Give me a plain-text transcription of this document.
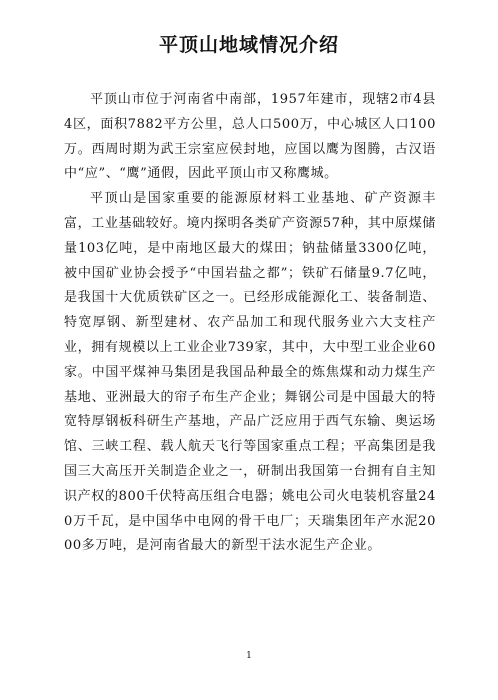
平顶山地域情况介绍

平顶山市位于河南省中南部，1957年建市，现辖2市4县4区，面积7882平方公里，总人口500万，中心城区人口100万。西周时期为武王宗室应侯封地，应国以鹰为图腾，古汉语中“应”、“鹰”通假，因此平顶山市又称鹰城。

平顶山是国家重要的能源原材料工业基地、矿产资源丰富，工业基础较好。境内探明各类矿产资源57种，其中原煤储量103亿吨，是中南地区最大的煤田；钠盐储量3300亿吨，被中国矿业协会授予“中国岩盐之都”；铁矿石储量9.7亿吨，是我国十大优质铁矿区之一。已经形成能源化工、装备制造、特宽厚钢、新型建材、农产品加工和现代服务业六大支柱产业，拥有规模以上工业企业739家，其中，大中型工业企业60家。中国平煤神马集团是我国品种最全的炼焦煤和动力煤生产基地、亚洲最大的帘子布生产企业；舞钢公司是中国最大的特宽特厚钢板科研生产基地，产品广泛应用于西气东输、奥运场馆、三峡工程、载人航天飞行等国家重点工程；平高集团是我国三大高压开关制造企业之一，研制出我国第一台拥有自主知识产权的800千伏特高压组合电器；姚电公司火电装机容量240万千瓦，是中国华中电网的骨干电厂；天瑞集团年产水泥2000多万吨，是河南省最大的新型干法水泥生产企业。

1
